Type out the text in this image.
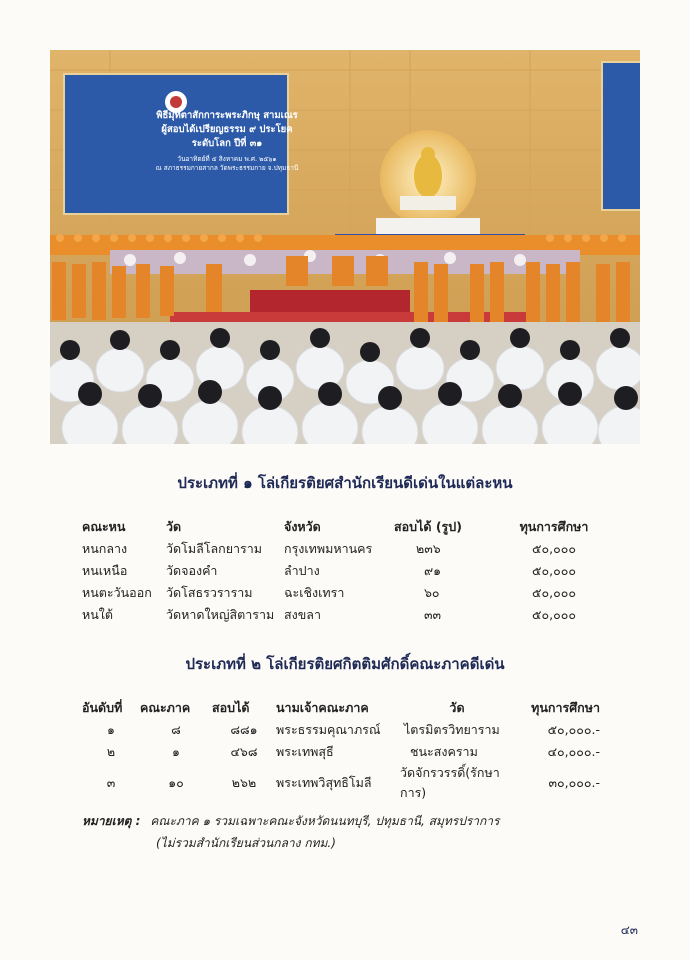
พิธีมุทิตาสักการะพระภิกษุ สามเณร
ผู้สอบได้เปรียญธรรม ๙ ประโยค
ระดับโลก ปีที่ ๓๑
วันอาทิตย์ที่ ๕ สิงหาคม พ.ศ. ๒๕๖๑
ณ สภาธรรมกายสากล วัดพระธรรมกาย จ.ปทุมธานี
ประเภทที่ ๑ โล่เกียรติยศสำนักเรียนดีเด่นในแต่ละหน
คณะหน	วัด	จังหวัด	สอบได้ (รูป)	ทุนการศึกษา
หนกลาง	วัดโมลีโลกยาราม	กรุงเทพมหานคร	๒๓๖	๕๐,๐๐๐
หนเหนือ	วัดจองคำ	ลำปาง	๙๑	๕๐,๐๐๐
หนตะวันออก	วัดโสธรวราราม	ฉะเชิงเทรา	๖๐	๕๐,๐๐๐
หนใต้	วัดหาดใหญ่สิตาราม	สงขลา	๓๓	๕๐,๐๐๐
ประเภทที่ ๒ โล่เกียรติยศกิตติมศักดิ์คณะภาคดีเด่น
อันดับที่	คณะภาค	สอบได้	นามเจ้าคณะภาค	วัด	ทุนการศึกษา
๑	๘	๘๘๑	พระธรรมคุณาภรณ์	ไตรมิตรวิทยาราม	๕๐,๐๐๐.-
๒	๑	๔๖๘	พระเทพสุธี	ชนะสงคราม	๔๐,๐๐๐.-
๓	๑๐	๒๖๒	พระเทพวิสุทธิโมลี	วัดจักรวรรดิ์(รักษาการ)	๓๐,๐๐๐.-
หมายเหตุ : คณะภาค ๑ รวมเฉพาะคณะจังหวัดนนทบุรี, ปทุมธานี, สมุทรปราการ
(ไม่รวมสำนักเรียนส่วนกลาง กทม.)
๔๓
